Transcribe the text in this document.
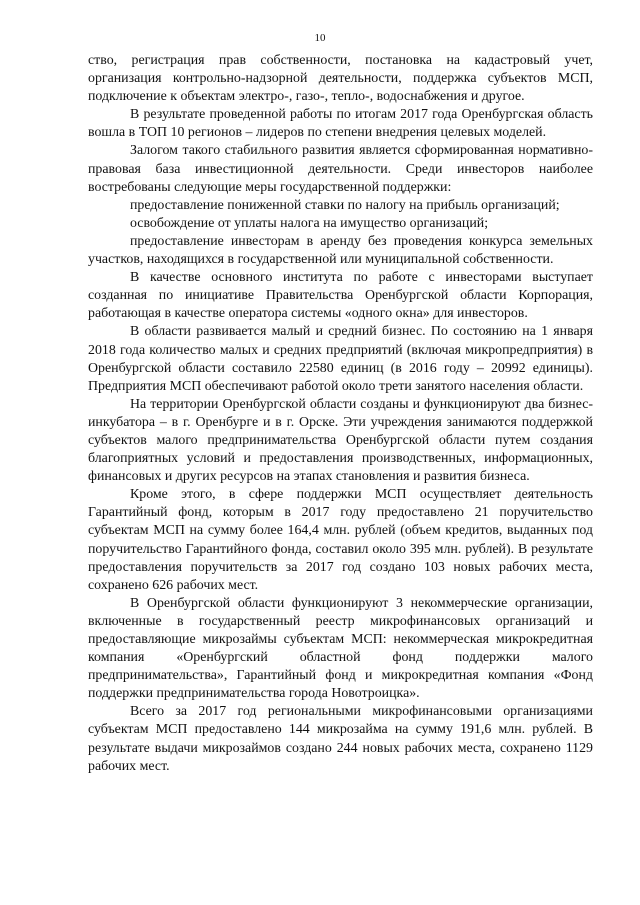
10

ство, регистрация прав собственности, постановка на кадастровый учет, организация контрольно-надзорной деятельности, поддержка субъектов МСП, подключение к объектам электро-, газо-, тепло-, водоснабжения и другое.

В результате проведенной работы по итогам 2017 года Оренбургская область вошла в ТОП 10 регионов – лидеров по степени внедрения целевых моделей.

Залогом такого стабильного развития является сформированная нормативно-правовая база инвестиционной деятельности. Среди инвесторов наиболее востребованы следующие меры государственной поддержки:

предоставление пониженной ставки по налогу на прибыль организаций;

освобождение от уплаты налога на имущество организаций;

предоставление инвесторам в аренду без проведения конкурса земельных участков, находящихся в государственной или муниципальной собственности.

В качестве основного института по работе с инвесторами выступает созданная по инициативе Правительства Оренбургской области Корпорация, работающая в качестве оператора системы «одного окна» для инвесторов.

В области развивается малый и средний бизнес. По состоянию на 1 января 2018 года количество малых и средних предприятий (включая микропредприятия) в Оренбургской области составило 22580 единиц (в 2016 году – 20992 единицы). Предприятия МСП обеспечивают работой около трети занятого населения области.

На территории Оренбургской области созданы и функционируют два бизнес-инкубатора – в г. Оренбурге и в г. Орске. Эти учреждения занимаются поддержкой субъектов малого предпринимательства Оренбургской области путем создания благоприятных условий и предоставления производственных, информационных, финансовых и других ресурсов на этапах становления и развития бизнеса.

Кроме этого, в сфере поддержки МСП осуществляет деятельность Гарантийный фонд, которым в 2017 году предоставлено 21 поручительство субъектам МСП на сумму более 164,4 млн. рублей (объем кредитов, выданных под поручительство Гарантийного фонда, составил около 395 млн. рублей). В результате предоставления поручительств за 2017 год создано 103 новых рабочих места, сохранено 626 рабочих мест.

В Оренбургской области функционируют 3 некоммерческие организации, включенные в государственный реестр микрофинансовых организаций и предоставляющие микрозаймы субъектам МСП: некоммерческая микрокредитная компания «Оренбургский областной фонд поддержки малого предпринимательства», Гарантийный фонд и микрокредитная компания «Фонд поддержки предпринимательства города Новотроицка».

Всего за 2017 год региональными микрофинансовыми организациями субъектам МСП предоставлено 144 микрозайма на сумму 191,6 млн. рублей. В результате выдачи микрозаймов создано 244 новых рабочих места, сохранено 1129 рабочих мест.
